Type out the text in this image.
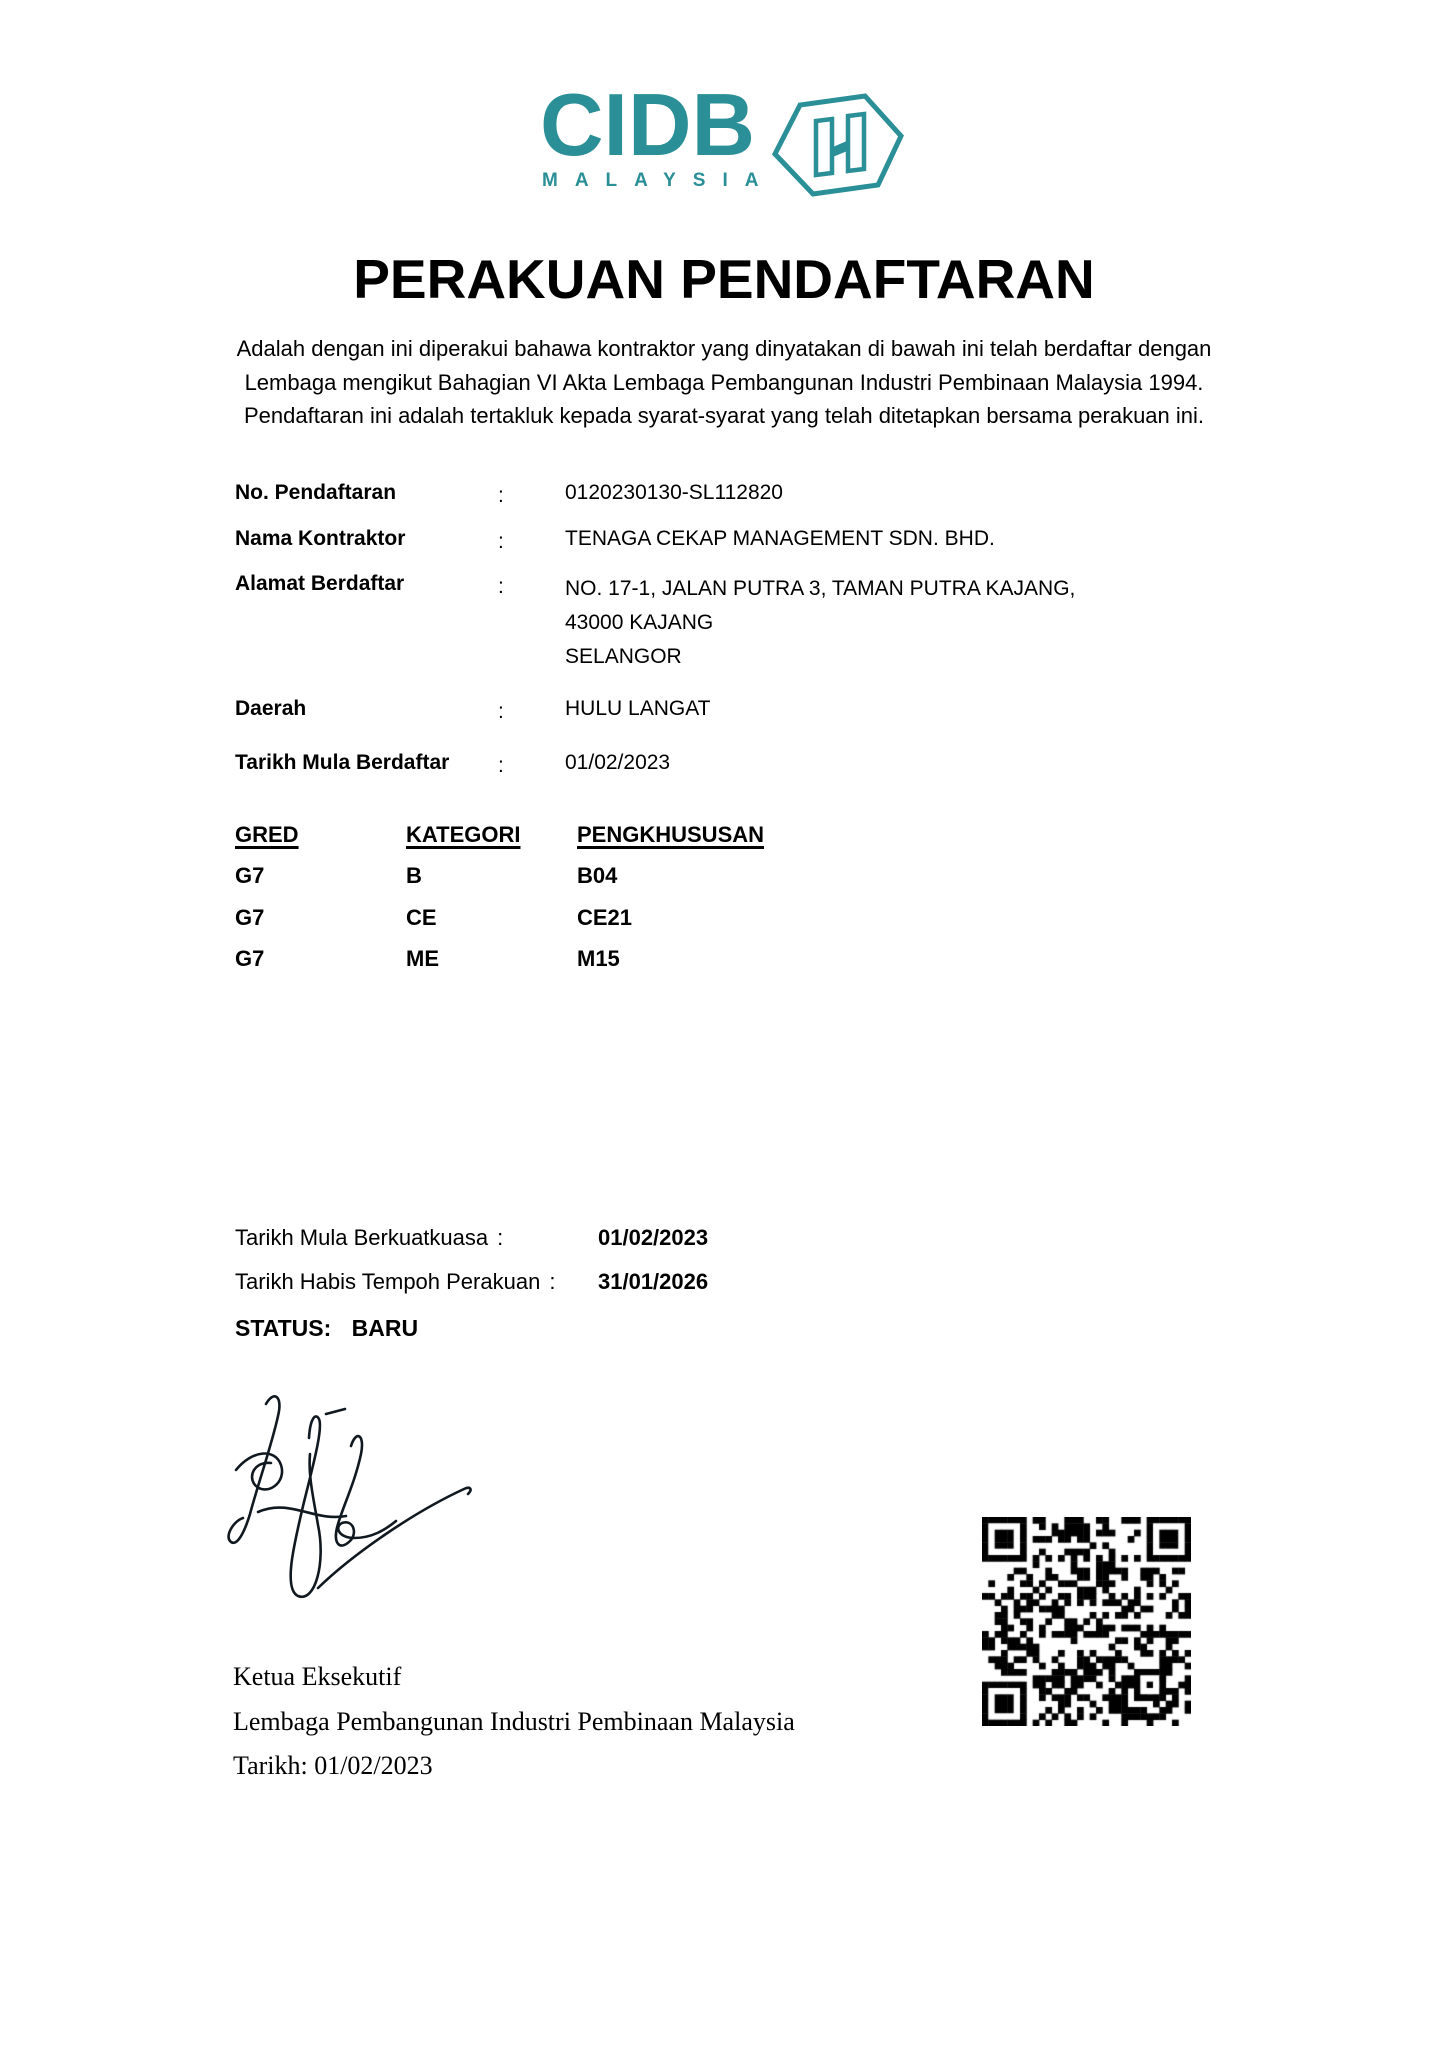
CIDB
MALAYSIA
PERAKUAN PENDAFTARAN
Adalah dengan ini diperakui bahawa kontraktor yang dinyatakan di bawah ini telah berdaftar dengan
Lembaga mengikut Bahagian VI Akta Lembaga Pembangunan Industri Pembinaan Malaysia 1994.
Pendaftaran ini adalah tertakluk kepada syarat-syarat yang telah ditetapkan bersama perakuan ini.
No. Pendaftaran	:	0120230130-SL112820
Nama Kontraktor	:	TENAGA CEKAP MANAGEMENT SDN. BHD.
Alamat Berdaftar	:	NO. 17-1, JALAN PUTRA 3, TAMAN PUTRA KAJANG,
43000 KAJANG
SELANGOR
Daerah	:	HULU LANGAT
Tarikh Mula Berdaftar :	01/02/2023
GRED	KATEGORI	PENGKHUSUSAN
G7	B	B04
G7	CE	CE21
G7	ME	M15
Tarikh Mula Berkuatkuasa :	01/02/2023
Tarikh Habis Tempoh Perakuan : 31/01/2026
STATUS: BARU
Ketua Eksekutif
Lembaga Pembangunan Industri Pembinaan Malaysia
Tarikh: 01/02/2023
